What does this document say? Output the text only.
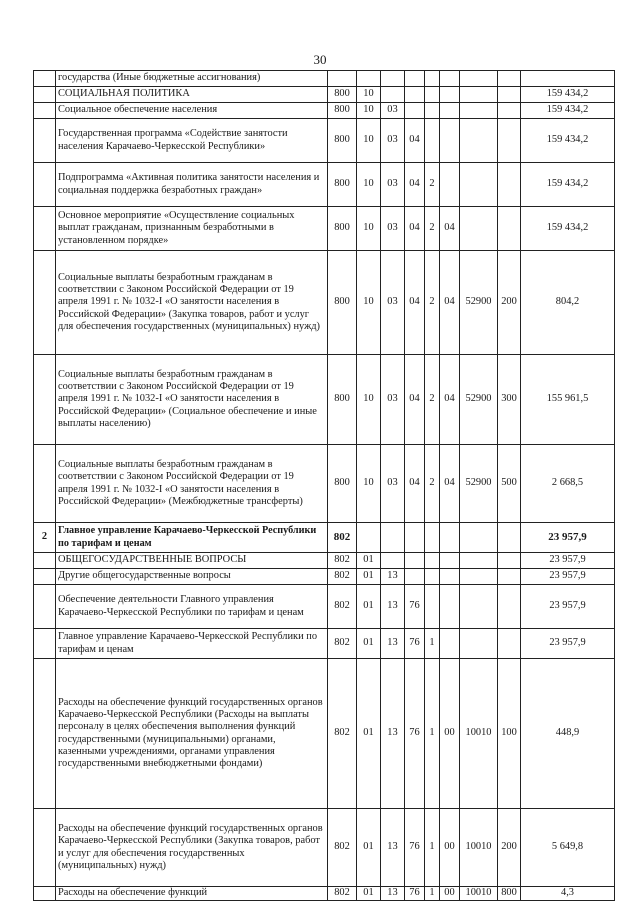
30
	государства (Иные бюджетные ассигнования)									
	СОЦИАЛЬНАЯ ПОЛИТИКА	800	10							159 434,2
	Социальное обеспечение населения	800	10	03						159 434,2
	Государственная программа «Содействие занятости населения Карачаево-Черкесской Республики»	800	10	03	04					159 434,2
	Подпрограмма «Активная политика занятости населения и социальная поддержка безработных граждан»	800	10	03	04	2				159 434,2
	Основное мероприятие «Осуществление социальных выплат гражданам, признанным безработными в установленном порядке»	800	10	03	04	2	04			159 434,2
	Социальные выплаты безработным гражданам в соответствии с Законом Российской Федерации от 19 апреля 1991 г. № 1032-I «О занятости населения в Российской Федерации» (Закупка товаров, работ и услуг для обеспечения государственных (муниципальных) нужд)	800	10	03	04	2	04	52900	200	804,2
	Социальные выплаты безработным гражданам в соответствии с Законом Российской Федерации от 19 апреля 1991 г. № 1032-I «О занятости населения в Российской Федерации» (Социальное обеспечение и иные выплаты населению)	800	10	03	04	2	04	52900	300	155 961,5
	Социальные выплаты безработным гражданам в соответствии с Законом Российской Федерации от 19 апреля 1991 г. № 1032-I «О занятости населения в Российской Федерации» (Межбюджетные трансферты)	800	10	03	04	2	04	52900	500	2 668,5
2	Главное управление Карачаево-Черкесской Республики по тарифам и ценам	802								23 957,9
	ОБЩЕГОСУДАРСТВЕННЫЕ ВОПРОСЫ	802	01							23 957,9
	Другие общегосударственные вопросы	802	01	13						23 957,9
	Обеспечение деятельности Главного управления Карачаево-Черкесской Республики по тарифам и ценам	802	01	13	76					23 957,9
	Главное управление Карачаево-Черкесской Республики по тарифам и ценам	802	01	13	76	1				23 957,9
	Расходы на обеспечение функций государственных органов Карачаево-Черкесской Республики (Расходы на выплаты персоналу в целях обеспечения выполнения функций государственными (муниципальными) органами, казенными учреждениями, органами управления государственными внебюджетными фондами)	802	01	13	76	1	00	10010	100	448,9
	Расходы на обеспечение функций государственных органов Карачаево-Черкесской Республики (Закупка товаров, работ и услуг для обеспечения государственных (муниципальных) нужд)	802	01	13	76	1	00	10010	200	5 649,8
	Расходы на обеспечение функций	802	01	13	76	1	00	10010	800	4,3
